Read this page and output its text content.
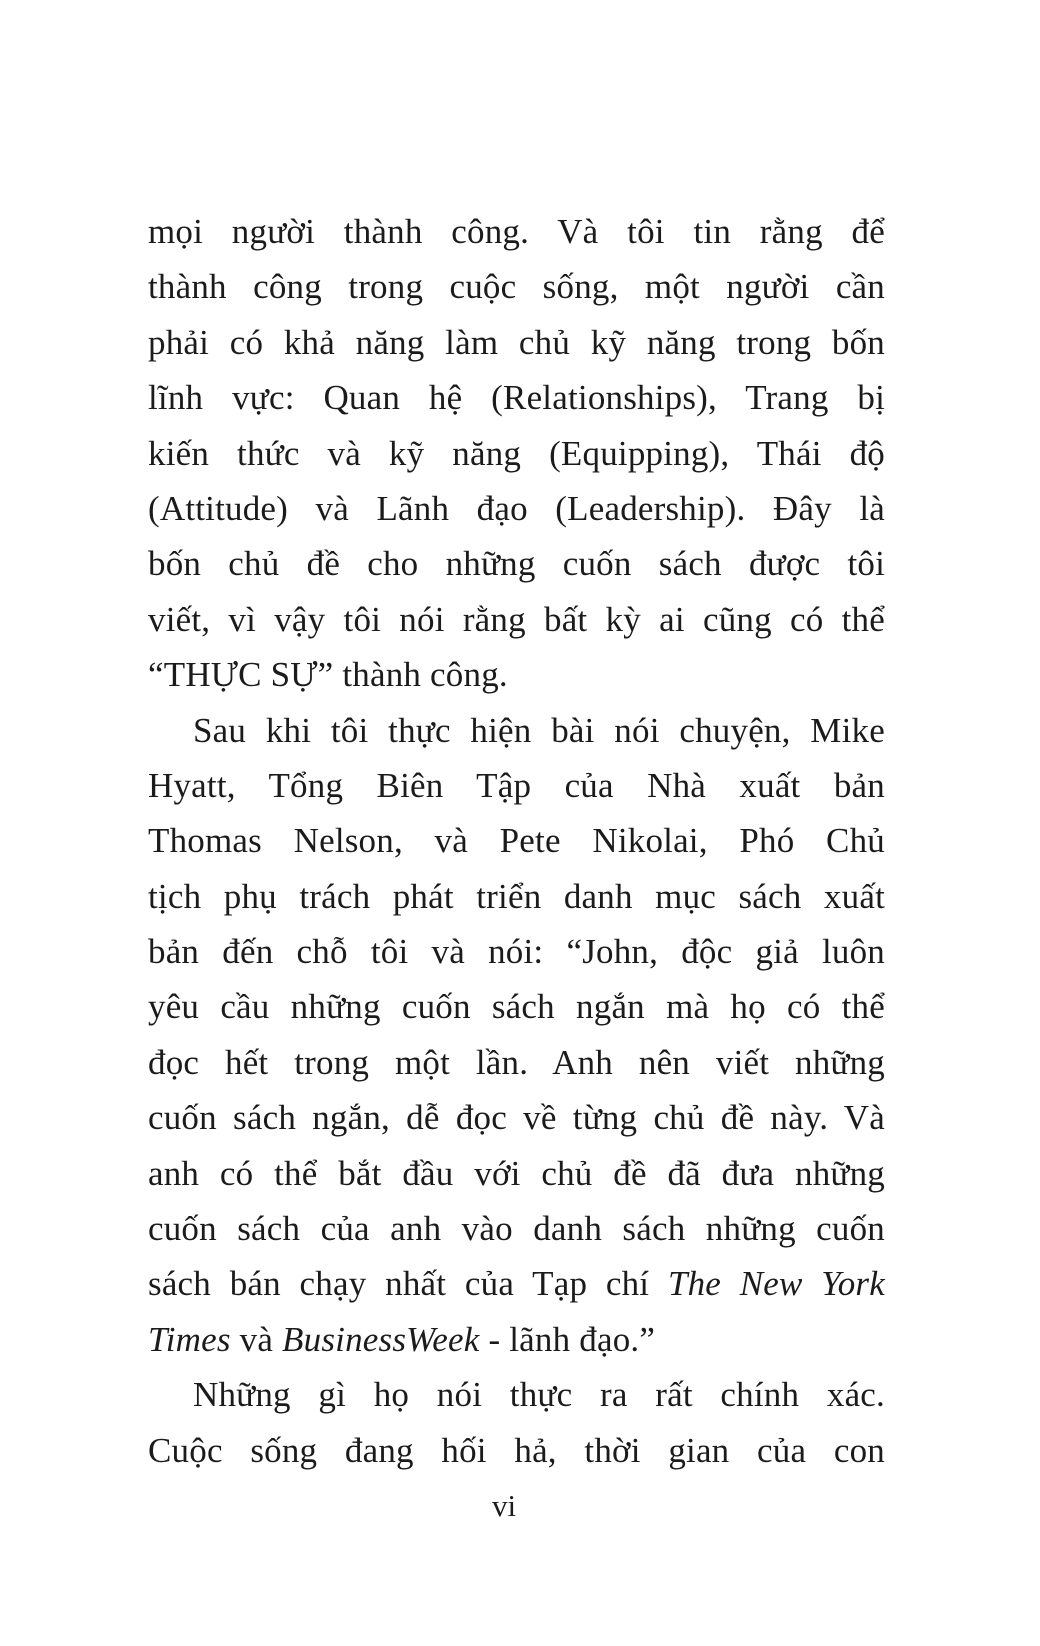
mọi người thành công. Và tôi tin rằng để

thành công trong cuộc sống, một người cần

phải có khả năng làm chủ kỹ năng trong bốn

lĩnh vực: Quan hệ (Relationships), Trang bị

kiến thức và kỹ năng (Equipping), Thái độ

(Attitude) và Lãnh đạo (Leadership). Đây là

bốn chủ đề cho những cuốn sách được tôi

viết, vì vậy tôi nói rằng bất kỳ ai cũng có thể

“THỰC SỰ” thành công.

Sau khi tôi thực hiện bài nói chuyện, Mike

Hyatt, Tổng Biên Tập của Nhà xuất bản

Thomas Nelson, và Pete Nikolai, Phó Chủ

tịch phụ trách phát triển danh mục sách xuất

bản đến chỗ tôi và nói: “John, độc giả luôn

yêu cầu những cuốn sách ngắn mà họ có thể

đọc hết trong một lần. Anh nên viết những

cuốn sách ngắn, dễ đọc về từng chủ đề này. Và

anh có thể bắt đầu với chủ đề đã đưa những

cuốn sách của anh vào danh sách những cuốn

sách bán chạy nhất của Tạp chí The New York

Times và BusinessWeek - lãnh đạo.”

Những gì họ nói thực ra rất chính xác.

Cuộc sống đang hối hả, thời gian của con

vi
